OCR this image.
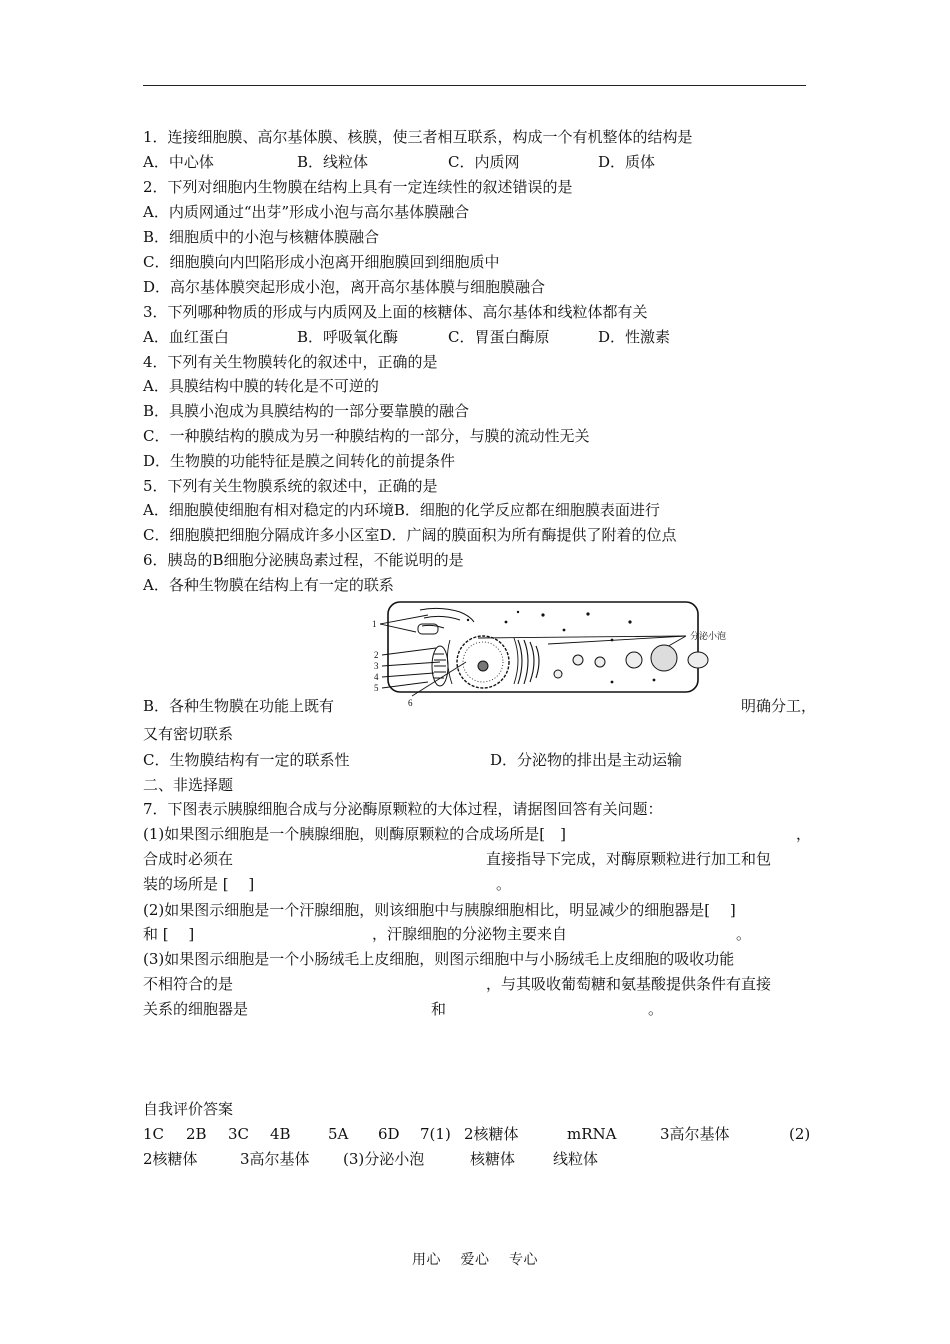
1．连接细胞膜、高尔基体膜、核膜，使三者相互联系，构成一个有机整体的结构是
A．中心体	B．线粒体	C．内质网	D．质体
2．下列对细胞内生物膜在结构上具有一定连续性的叙述错误的是
A．内质网通过“出芽”形成小泡与高尔基体膜融合
B．细胞质中的小泡与核糖体膜融合
C．细胞膜向内凹陷形成小泡离开细胞膜回到细胞质中
D．高尔基体膜突起形成小泡，离开高尔基体膜与细胞膜融合
3．下列哪种物质的形成与内质网及上面的核糖体、高尔基体和线粒体都有关
A．血红蛋白	B．呼吸氧化酶	C．胃蛋白酶原	D．性激素
4．下列有关生物膜转化的叙述中，正确的是
A．具膜结构中膜的转化是不可逆的
B．具膜小泡成为具膜结构的一部分要靠膜的融合
C．一种膜结构的膜成为另一种膜结构的一部分，与膜的流动性无关
D．生物膜的功能特征是膜之间转化的前提条件
5．下列有关生物膜系统的叙述中，正确的是
A．细胞膜使细胞有相对稳定的内环境B．细胞的化学反应都在细胞膜表面进行
C．细胞膜把细胞分隔成许多小区室D．广阔的膜面积为所有酶提供了附着的位点
6．胰岛的B细胞分泌胰岛素过程，不能说明的是
A．各种生物膜在结构上有一定的联系
1
2
3
4
5
6
分泌小泡
B．各种生物膜在功能上既有	明确分工，
又有密切联系
C．生物膜结构有一定的联系性	D．分泌物的排出是主动运输
二、非选择题
7．下图表示胰腺细胞合成与分泌酶原颗粒的大体过程，请据图回答有关问题：
(1)如果图示细胞是一个胰腺细胞，则酶原颗粒的合成场所是[　]	，
合成时必须在	直接指导下完成，对酶原颗粒进行加工和包
装的场所是 [　 ]	。
(2)如果图示细胞是一个汗腺细胞，则该细胞中与胰腺细胞相比，明显减少的细胞器是[　 ]
和 [　 ]	，汗腺细胞的分泌物主要来自	。
(3)如果图示细胞是一个小肠绒毛上皮细胞，则图示细胞中与小肠绒毛上皮细胞的吸收功能
不相符合的是	，与其吸收葡萄糖和氨基酸提供条件有直接
关系的细胞器是	和	。
自我评价答案
1C 2B 3C 4B 5A 6D 7(1) 2核糖体	mRNA	3高尔基体	(2)
2核糖体	3高尔基体 (3)分泌小泡	核糖体	线粒体
用心　 爱心　 专心
